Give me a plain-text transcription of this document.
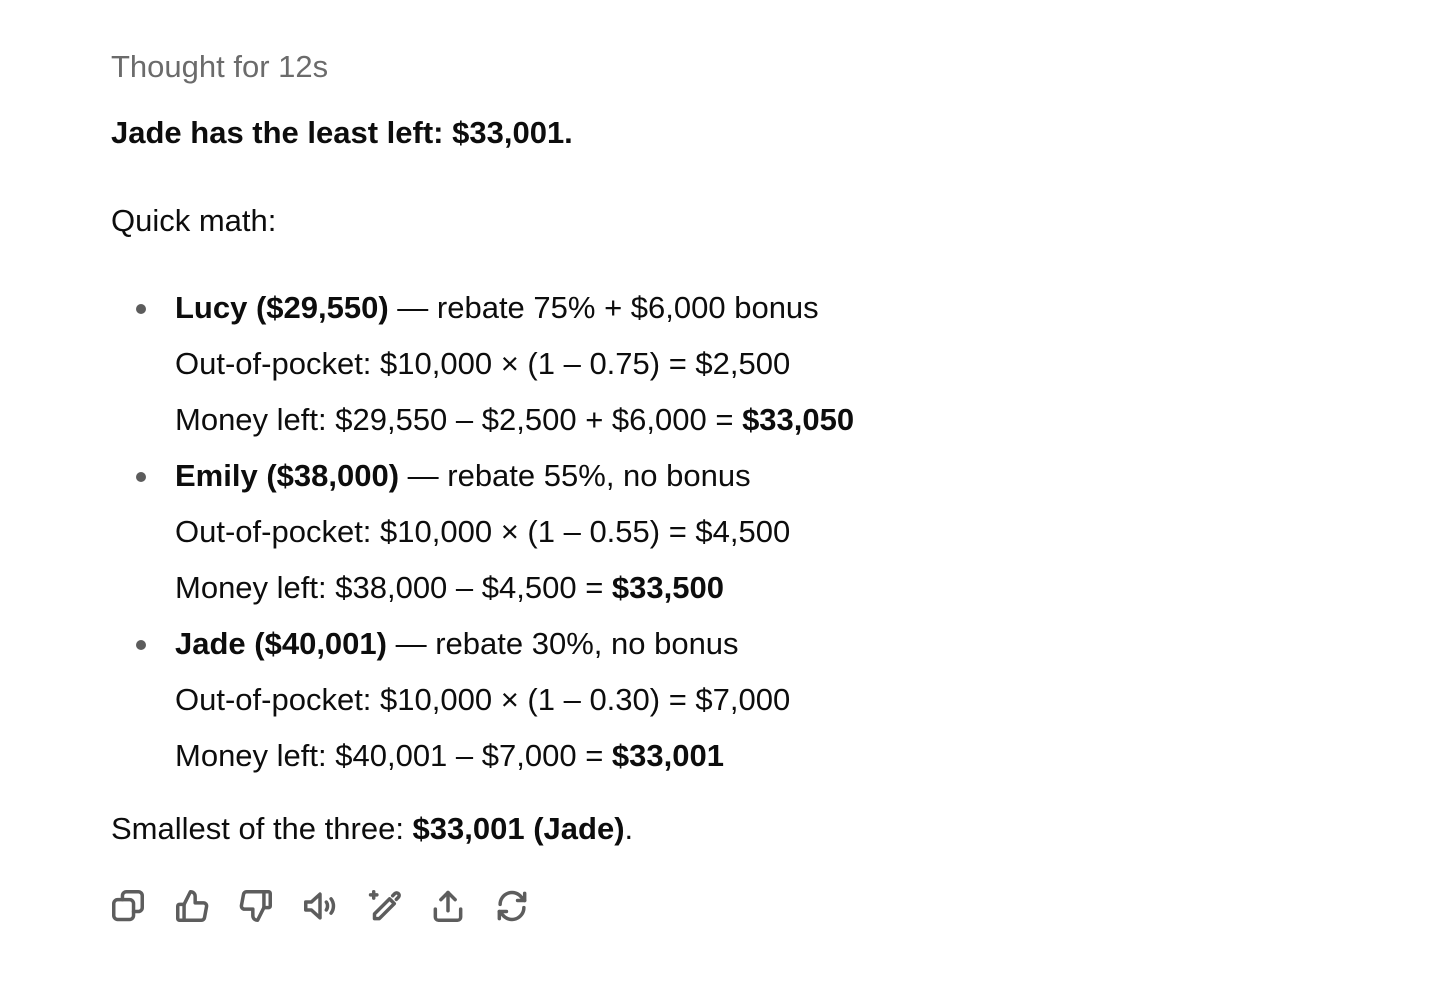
Thought for 12s
Jade has the least left: $33,001.
Quick math:
Lucy ($29,550) — rebate 75% + $6,000 bonus
Out-of-pocket: $10,000 × (1 – 0.75) = $2,500
Money left: $29,550 – $2,500 + $6,000 = $33,050
Emily ($38,000) — rebate 55%, no bonus
Out-of-pocket: $10,000 × (1 – 0.55) = $4,500
Money left: $38,000 – $4,500 = $33,500
Jade ($40,001) — rebate 30%, no bonus
Out-of-pocket: $10,000 × (1 – 0.30) = $7,000
Money left: $40,001 – $7,000 = $33,001
Smallest of the three: $33,001 (Jade).
